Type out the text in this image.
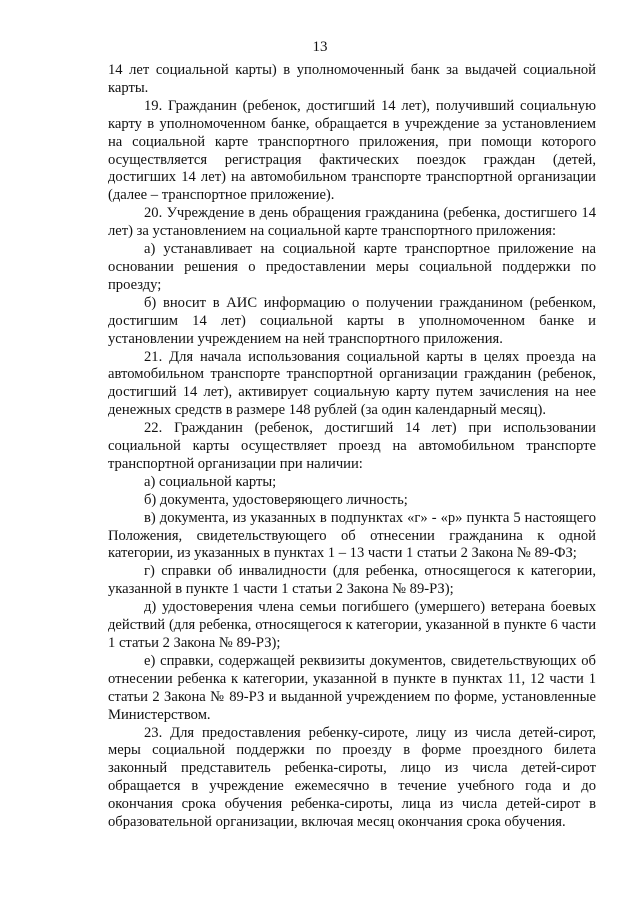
13

14 лет социальной карты) в уполномоченный банк за выдачей социальной карты.

19. Гражданин (ребенок, достигший 14 лет), получивший социальную карту в уполномоченном банке, обращается в учреждение за установлением на социальной карте транспортного приложения, при помощи которого осуществляется регистрация фактических поездок граждан (детей, достигших 14 лет) на автомобильном транспорте транспортной организации (далее – транспортное приложение).

20. Учреждение в день обращения гражданина (ребенка, достигшего 14 лет) за установлением на социальной карте транспортного приложения:

а) устанавливает на социальной карте транспортное приложение на основании решения о предоставлении меры социальной поддержки по проезду;

б) вносит в АИС информацию о получении гражданином (ребенком, достигшим 14 лет) социальной карты в уполномоченном банке и установлении учреждением на ней транспортного приложения.

21. Для начала использования социальной карты в целях проезда на автомобильном транспорте транспортной организации гражданин (ребенок, достигший 14 лет), активирует социальную карту путем зачисления на нее денежных средств в размере 148 рублей (за один календарный месяц).

22. Гражданин (ребенок, достигший 14 лет) при использовании социальной карты осуществляет проезд на автомобильном транспорте транспортной организации при наличии:

а) социальной карты;

б) документа, удостоверяющего личность;

в) документа, из указанных в подпунктах «г» - «р» пункта 5 настоящего Положения, свидетельствующего об отнесении гражданина к одной категории, из указанных в пунктах 1 – 13 части 1 статьи 2 Закона № 89-ФЗ;

г) справки об инвалидности (для ребенка, относящегося к категории, указанной в пункте 1 части 1 статьи 2 Закона № 89-РЗ);

д) удостоверения члена семьи погибшего (умершего) ветерана боевых действий (для ребенка, относящегося к категории, указанной в пункте 6 части 1 статьи 2 Закона № 89-РЗ);

е) справки, содержащей реквизиты документов, свидетельствующих об отнесении ребенка к категории, указанной в пункте в пунктах 11, 12 части 1 статьи 2 Закона № 89-РЗ и выданной учреждением по форме, установленные Министерством.

23. Для предоставления ребенку-сироте, лицу из числа детей-сирот, меры социальной поддержки по проезду в форме проездного билета законный представитель ребенка-сироты, лицо из числа детей-сирот обращается в учреждение ежемесячно в течение учебного года и до окончания срока обучения ребенка-сироты, лица из числа детей-сирот в образовательной организации, включая месяц окончания срока обучения.
